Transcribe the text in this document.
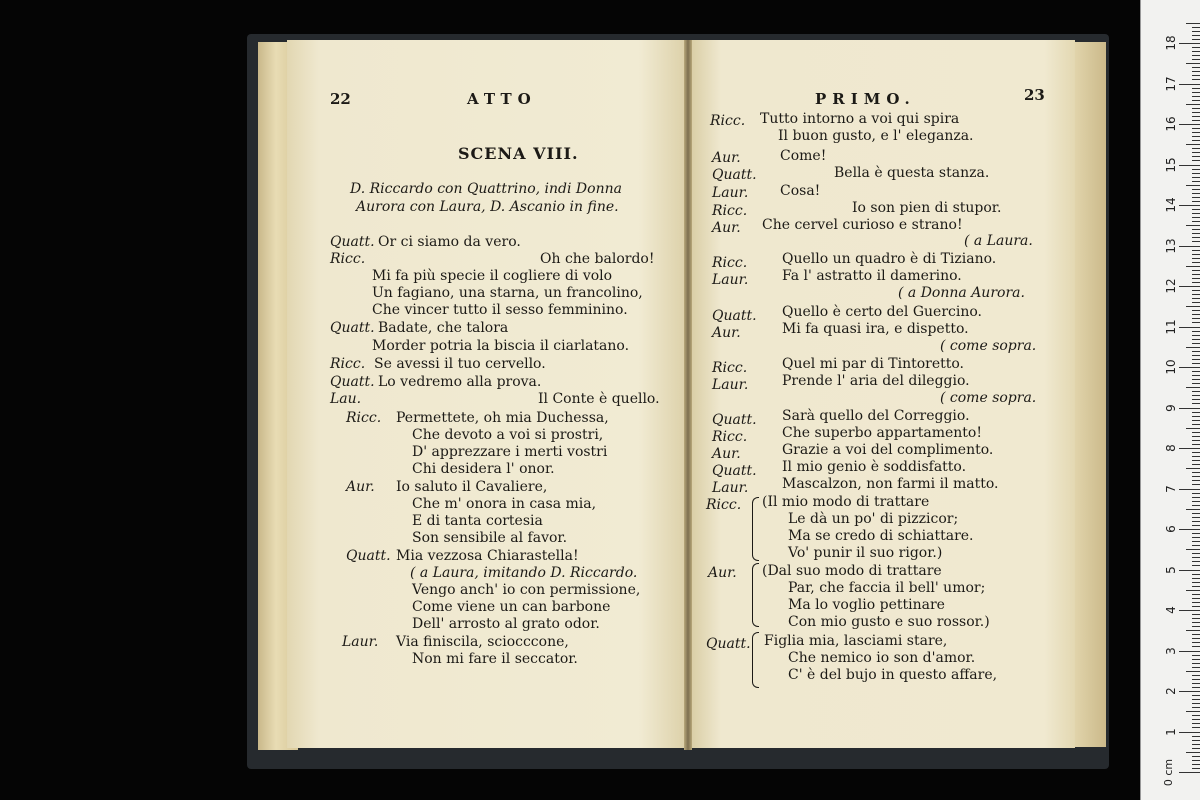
22	ATTO
SCENA VIII.
D. Riccardo con Quattrino, indi Donna
Aurora con Laura, D. Ascanio in fine.
Quatt. Or ci siamo da vero.
Ricc.	Oh che balordo!
Mi fa più specie il cogliere di volo
Un fagiano, una starna, un francolino,
Che vincer tutto il sesso femminino.
Quatt. Badate, che talora
Morder potria la biscia il ciarlatano.
Ricc. Se avessi il tuo cervello.
Quatt. Lo vedremo alla prova.
Lau.	Il Conte è quello.
Ricc. Permettete, oh mia Duchessa,
Che devoto a voi si prostri,
D' apprezzare i merti vostri
Chi desidera l' onor.
Aur. Io saluto il Cavaliere,
Che m' onora in casa mia,
E di tanta cortesia
Son sensibile al favor.
Quatt. Mia vezzosa Chiarastella!
( a Laura, imitando D. Riccardo.
Vengo anch' io con permissione,
Come viene un can barbone
Dell' arrosto al grato odor.
Laur. Via finiscila, sciocccone,
Non mi fare il seccator.
PRIMO.	23
Ricc. Tutto intorno a voi qui spira
Il buon gusto, e l' eleganza.
Aur.	Come!
Quatt.	Bella è questa stanza.
Laur. Cosa!
Ricc.	Io son pien di stupor.
Aur. Che cervel curioso e strano!
( a Laura.
Ricc. Quello un quadro è di Tiziano.
Laur. Fa l' astratto il damerino.
( a Donna Aurora.
Quatt. Quello è certo del Guercino.
Aur.	Mi fa quasi ira, e dispetto.
( come sopra.
Ricc. Quel mi par di Tintoretto.
Laur. Prende l' aria del dileggio.
( come sopra.
Quatt. Sarà quello del Correggio.
Ricc. Che superbo appartamento!
Aur.	Grazie a voi del complimento.
Quatt. Il mio genio è soddisfatto.
Laur. Mascalzon, non farmi il matto.
Ricc. (Il mio modo di trattare
Le dà un po' di pizzicor;
Ma se credo di schiattare.
Vo' punir il suo rigor.)
Aur. (Dal suo modo di trattare
Par, che faccia il bell' umor;
Ma lo voglio pettinare
Con mio gusto e suo rossor.)
Quatt. Figlia mia, lasciami stare,
Che nemico io son d'amor.
C' è del bujo in questo affare,
1
2
3
4
5
6
7
8
9
10
11
12
13
14
15
16
17
18
0 cm
